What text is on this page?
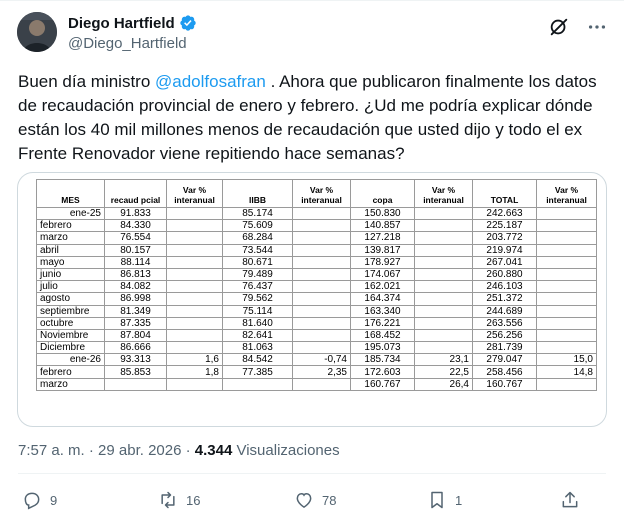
Diego Hartfield
@Diego_Hartfield
Buen día ministro @adolfosafran . Ahora que publicaron finalmente los datos de recaudación provincial de enero y febrero. ¿Ud me podría explicar dónde están los 40 mil millones menos de recaudación que usted dijo y todo el ex Frente Renovador viene repitiendo hace semanas?
MES	recaud pcial	Var % interanual	IIBB	Var % interanual	copa	Var % interanual	TOTAL	Var % interanual
ene-25	91.833		85.174		150.830		242.663	
febrero	84.330		75.609		140.857		225.187	
marzo	76.554		68.284		127.218		203.772	
abril	80.157		73.544		139.817		219.974	
mayo	88.114		80.671		178.927		267.041	
junio	86.813		79.489		174.067		260.880	
julio	84.082		76.437		162.021		246.103	
agosto	86.998		79.562		164.374		251.372	
septiembre	81.349		75.114		163.340		244.689	
octubre	87.335		81.640		176.221		263.556	
Noviembre	87.804		82.641		168.452		256.256	
Diciembre	86.666		81.063		195.073		281.739	
ene-26	93.313	1,6	84.542	-0,74	185.734	23,1	279.047	15,0
febrero	85.853	1,8	77.385	2,35	172.603	22,5	258.456	14,8
marzo					160.767	26,4	160.767	
7:57 a. m. · 29 abr. 2026 · 4.344 Visualizaciones
9	16	78	1
